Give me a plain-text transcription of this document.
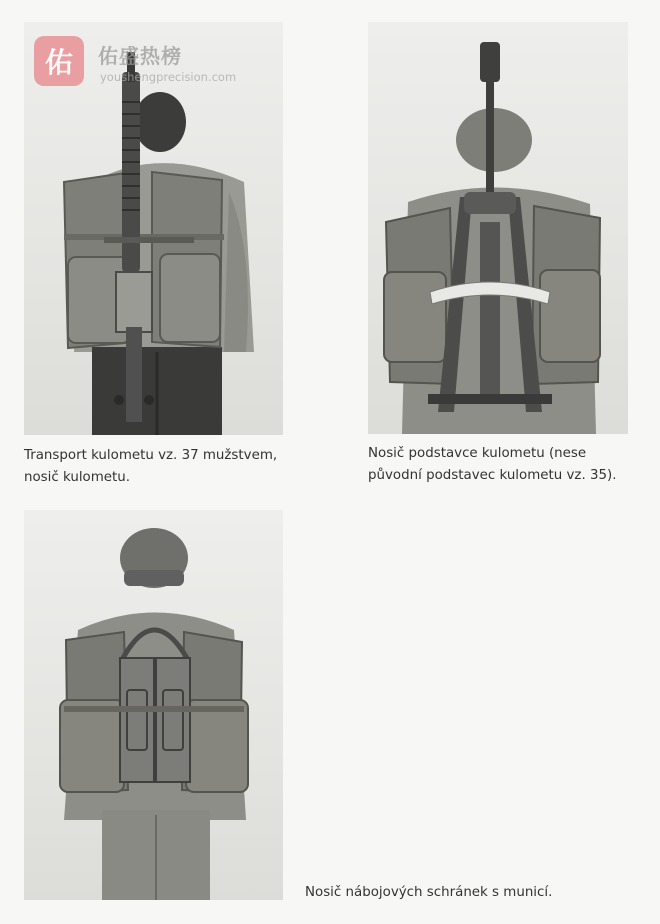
Transport kulometu vz. 37 mužstvem,
nosič kulometu.
Nosič podstavce kulometu (nese
původní podstavec kulometu vz. 35).
Nosič nábojových schránek s municí.
佑	佑盛热榜
youshengprecision.com
